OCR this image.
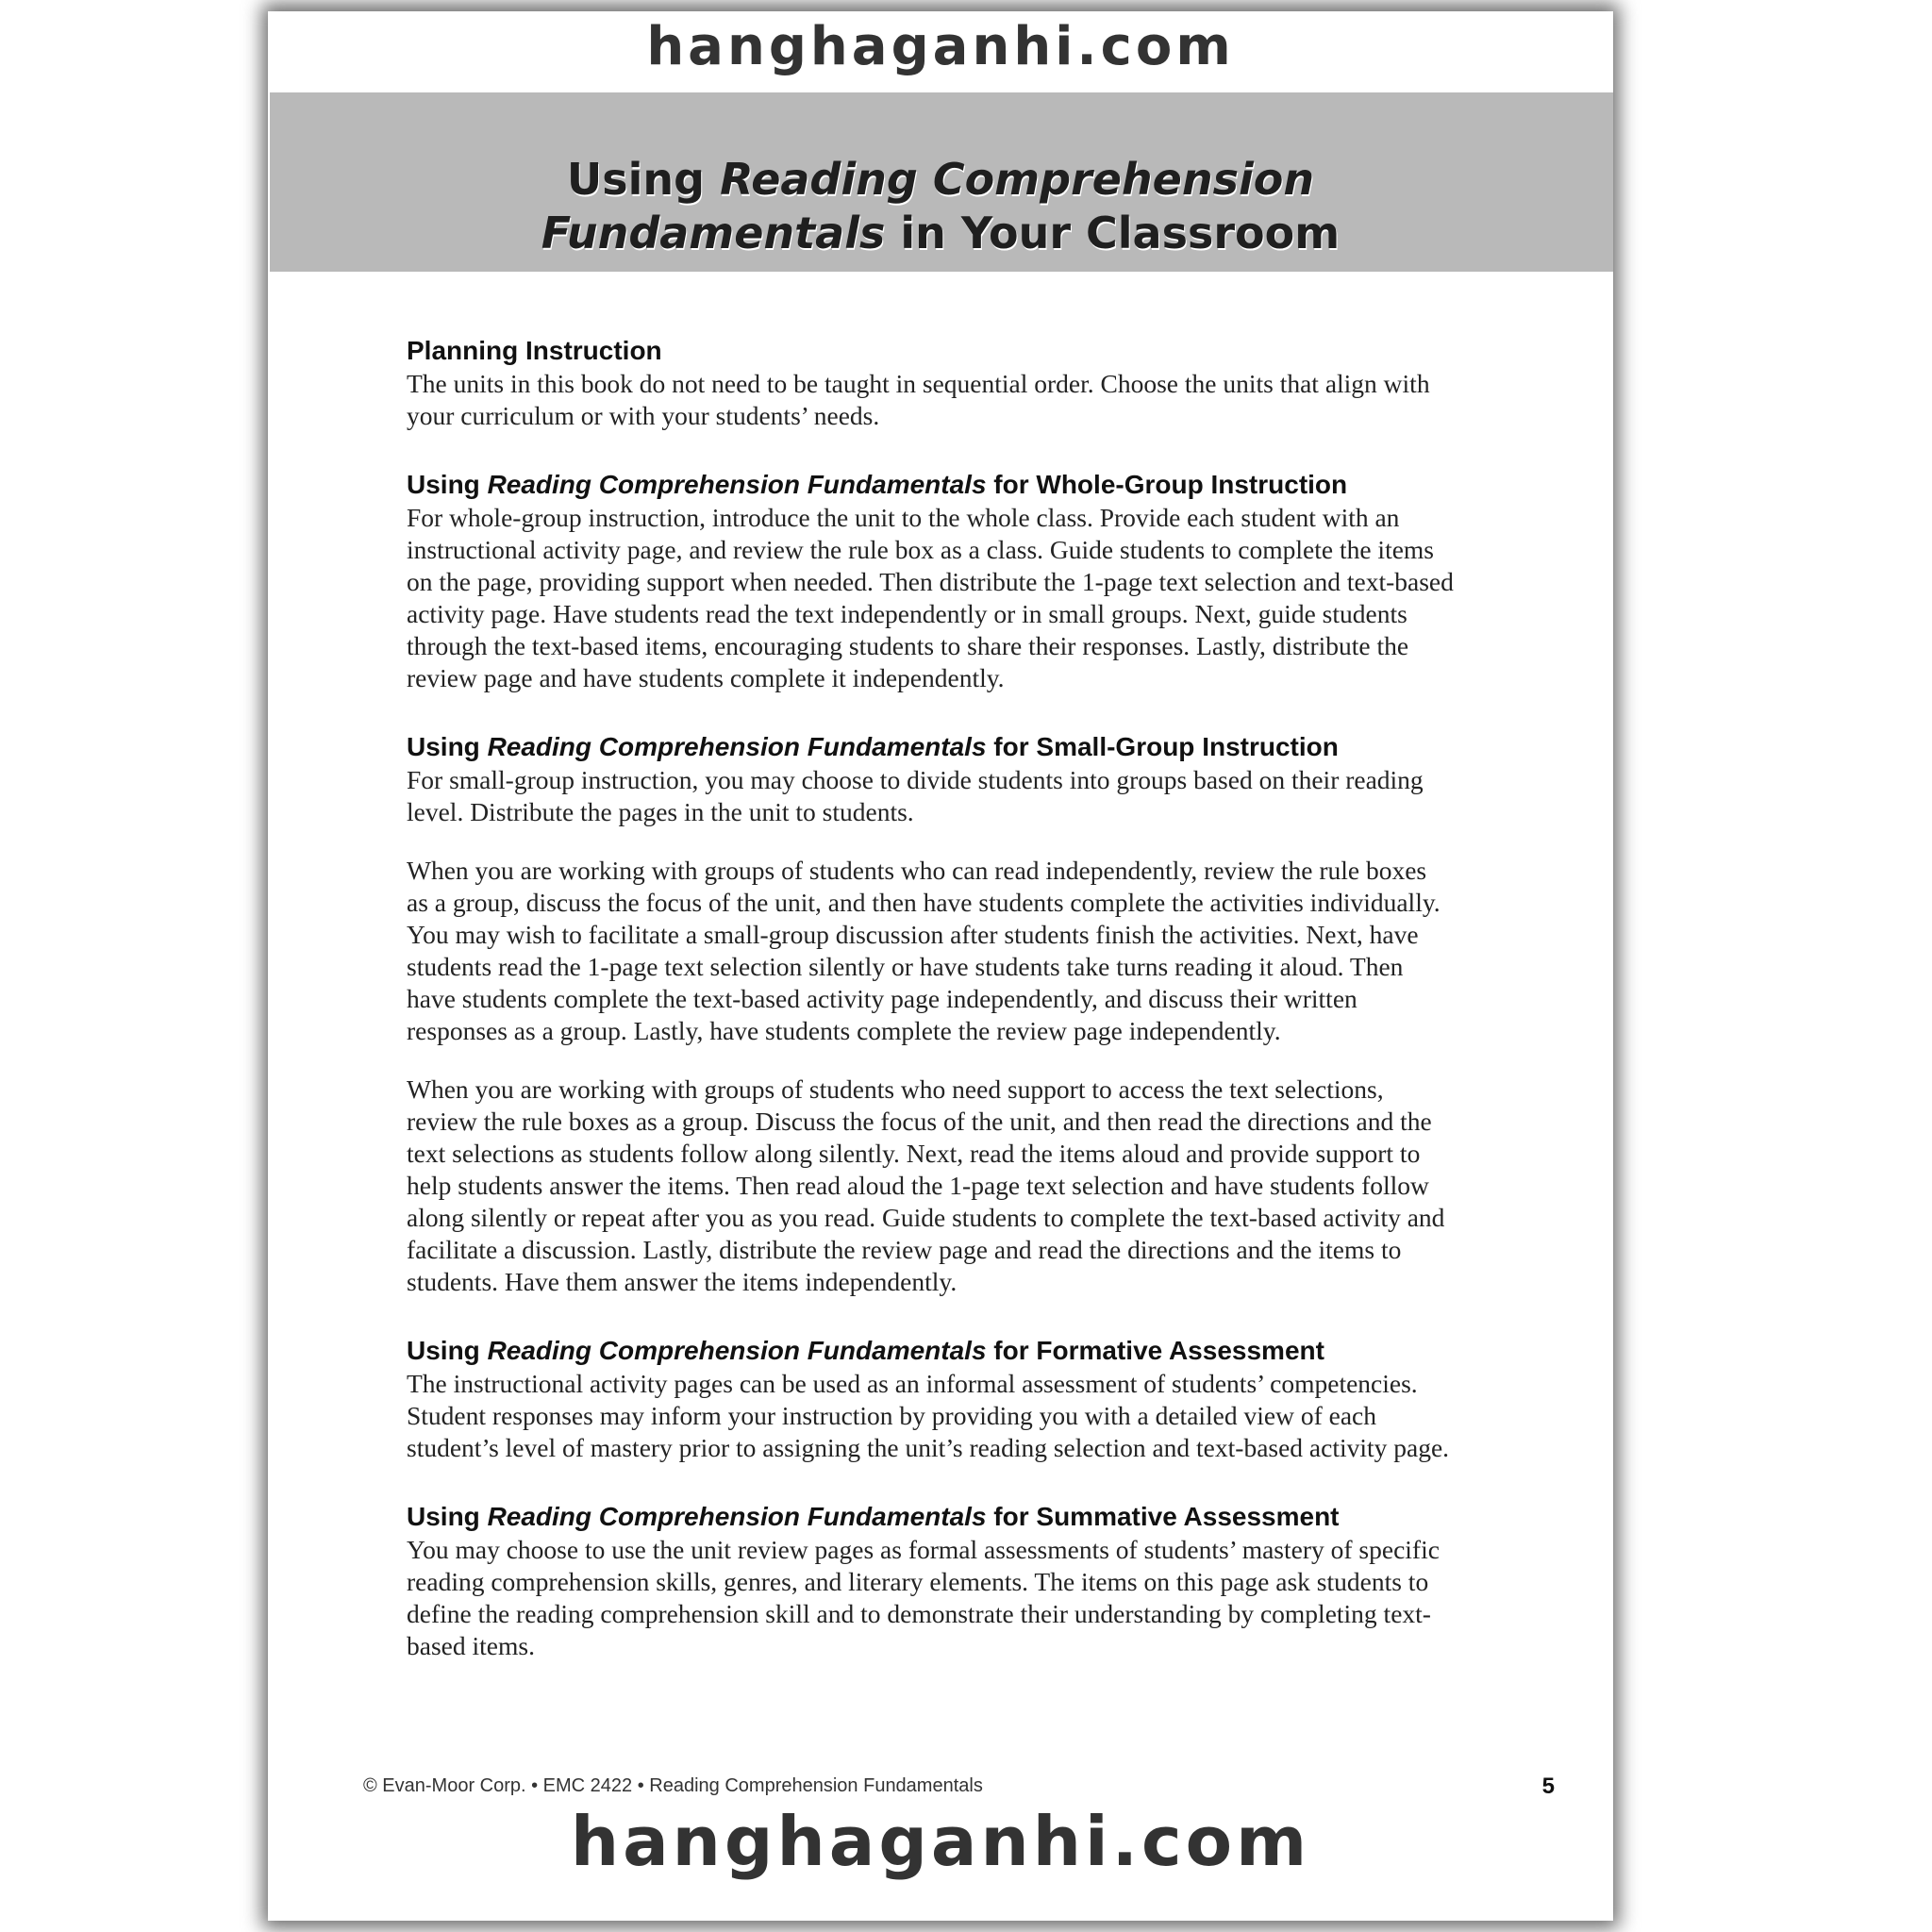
hanghaganhi.com
Using Reading Comprehension
Fundamentals in Your Classroom
Planning Instruction

The units in this book do not need to be taught in sequential order. Choose the units that align with your curriculum or with your students’ needs.

Using Reading Comprehension Fundamentals for Whole-Group Instruction

For whole-group instruction, introduce the unit to the whole class. Provide each student with an instructional activity page, and review the rule box as a class. Guide students to complete the items on the page, providing support when needed. Then distribute the 1-page text selection and text-based activity page. Have students read the text independently or in small groups. Next, guide students through the text-based items, encouraging students to share their responses. Lastly, distribute the review page and have students complete it independently.

Using Reading Comprehension Fundamentals for Small-Group Instruction

For small-group instruction, you may choose to divide students into groups based on their reading level. Distribute the pages in the unit to students.

When you are working with groups of students who can read independently, review the rule boxes as a group, discuss the focus of the unit, and then have students complete the activities individually. You may wish to facilitate a small-group discussion after students finish the activities. Next, have students read the 1-page text selection silently or have students take turns reading it aloud. Then have students complete the text-based activity page independently, and discuss their written responses as a group. Lastly, have students complete the review page independently.

When you are working with groups of students who need support to access the text selections, review the rule boxes as a group. Discuss the focus of the unit, and then read the directions and the text selections as students follow along silently. Next, read the items aloud and provide support to help students answer the items. Then read aloud the 1-page text selection and have students follow along silently or repeat after you as you read. Guide students to complete the text-based activity and facilitate a discussion. Lastly, distribute the review page and read the directions and the items to students. Have them answer the items independently.

Using Reading Comprehension Fundamentals for Formative Assessment

The instructional activity pages can be used as an informal assessment of students’ competencies. Student responses may inform your instruction by providing you with a detailed view of each student’s level of mastery prior to assigning the unit’s reading selection and text-based activity page.

Using Reading Comprehension Fundamentals for Summative Assessment

You may choose to use the unit review pages as formal assessments of students’ mastery of specific reading comprehension skills, genres, and literary elements. The items on this page ask students to define the reading comprehension skill and to demonstrate their understanding by completing text-based items.

© Evan-Moor Corp. • EMC 2422 • Reading Comprehension Fundamentals	5
hanghaganhi.com
